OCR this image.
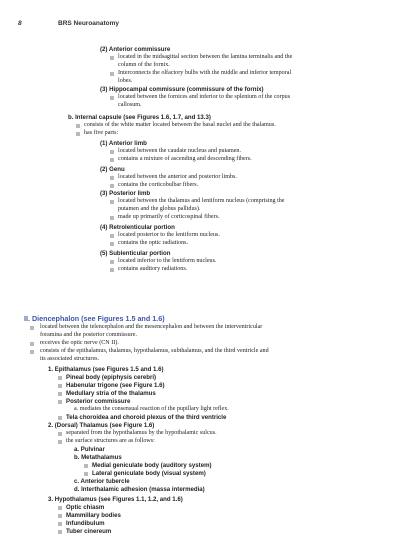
8	BRS Neuroanatomy
(2) Anterior commissure
located in the midsagittal section between the lamina terminalis and the
column of the fornix.
Interconnects the olfactory bulbs with the middle and inferior temporal
lobes.
(3) Hippocampal commissure (commissure of the fornix)
located between the fornices and inferior to the splenium of the corpus
callosum.
b. Internal capsule (see Figures 1.6, 1.7, and 13.3)
consists of the white matter located between the basal nuclei and the thalamus.
has five parts:
(1) Anterior limb
located between the caudate nucleus and putamen.
contains a mixture of ascending and descending fibers.
(2) Genu
located between the anterior and posterior limbs.
contains the corticobulbar fibers.
(3) Posterior limb
located between the thalamus and lentiform nucleus (comprising the
putamen and the globus pallidus).
made up primarily of corticospinal fibers.
(4) Retrolenticular portion
located posterior to the lentiform nucleus.
contains the optic radiations.
(5) Sublenticular portion
located inferior to the lentiform nucleus.
contains auditory radiations.
II. Diencephalon (see Figures 1.5 and 1.6)
located between the telencephalon and the mesencephalon and between the interventricular
foramina and the posterior commissure.
receives the optic nerve (CN II).
consists of the epithalamus, thalamus, hypothalamus, subthalamus, and the third ventricle and
its associated structures.
1. Epithalamus (see Figures 1.5 and 1.6)
Pineal body (epiphysis cerebri)
Habenular trigone (see Figure 1.6)
Medullary stria of the thalamus
Posterior commissure
a. mediates the consensual reaction of the pupillary light reflex.
Tela choroidea and choroid plexus of the third ventricle
2. (Dorsal) Thalamus (see Figure 1.6)
separated from the hypothalamus by the hypothalamic sulcus.
the surface structures are as follows:
a. Pulvinar
b. Metathalamus
Medial geniculate body (auditory system)
Lateral geniculate body (visual system)
c. Anterior tubercle
d. Interthalamic adhesion (massa intermedia)
3. Hypothalamus (see Figures 1.1, 1.2, and 1.6)
Optic chiasm
Mammillary bodies
Infundibulum
Tuber cinereum
